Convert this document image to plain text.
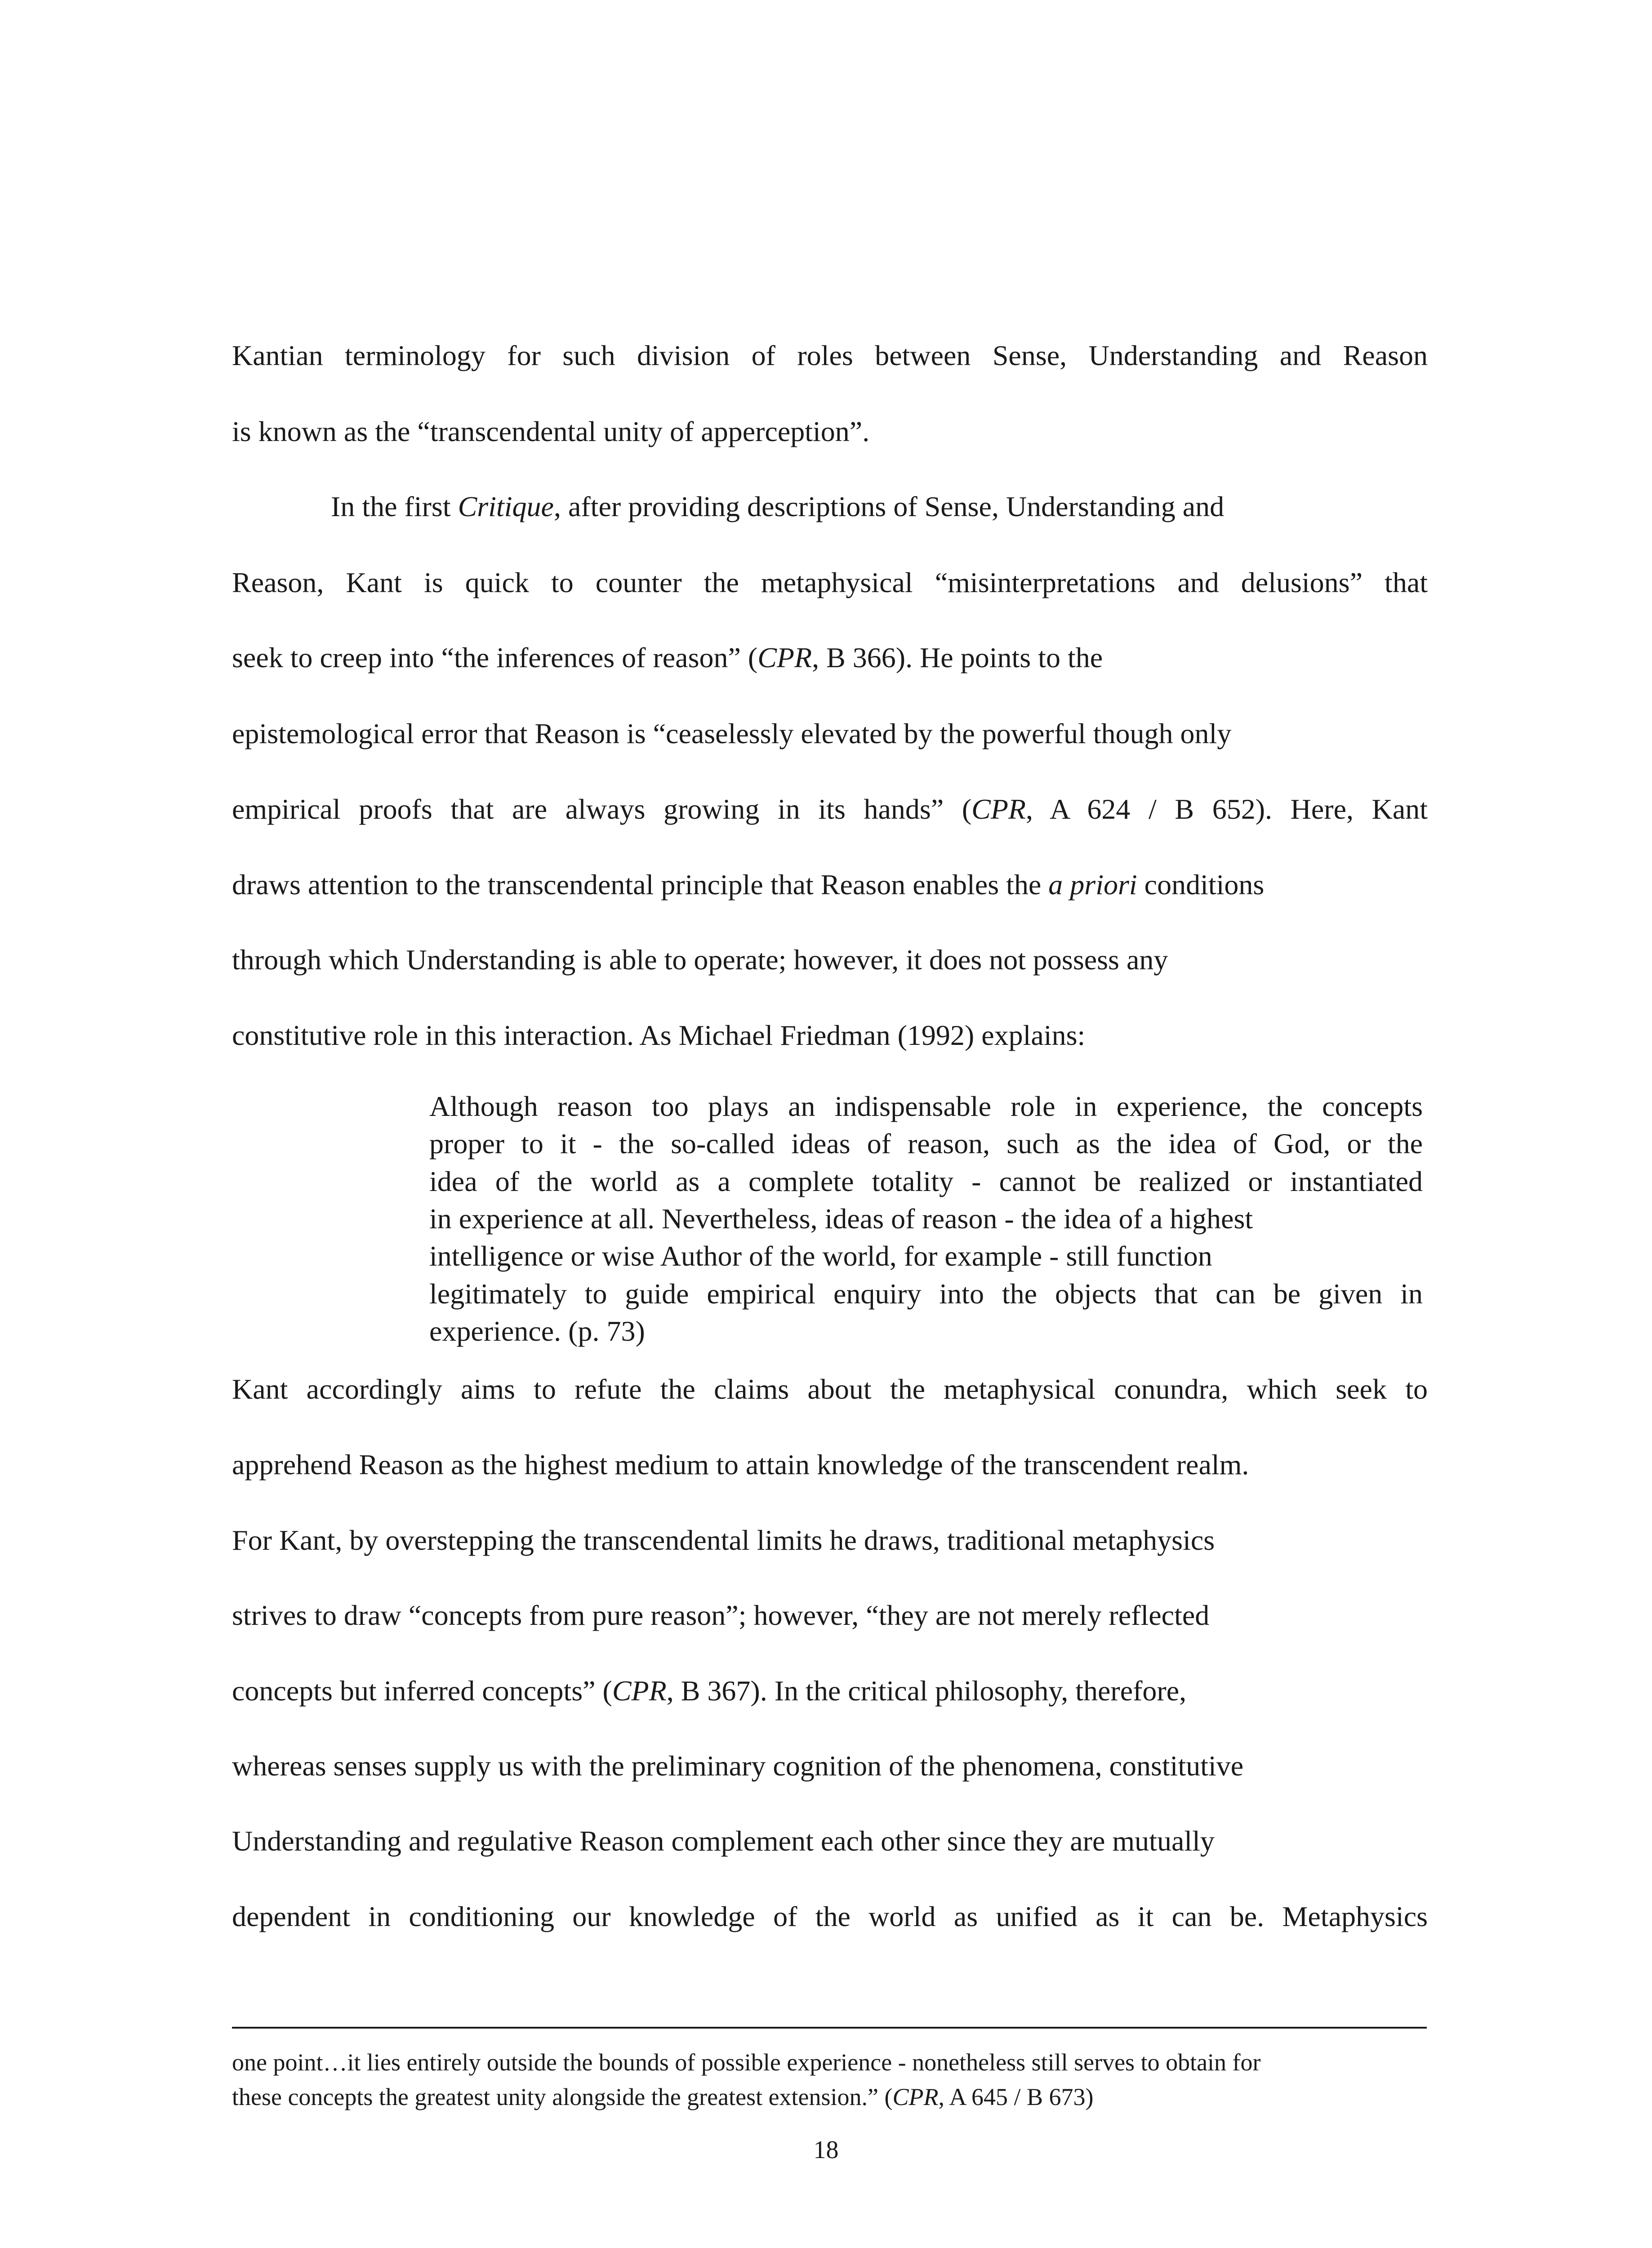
Kantian terminology for such division of roles between Sense, Understanding and Reason
is known as the “transcendental unity of apperception”.
In the first Critique, after providing descriptions of Sense, Understanding and
Reason, Kant is quick to counter the metaphysical “misinterpretations and delusions” that
seek to creep into “the inferences of reason” (CPR, B 366). He points to the
epistemological error that Reason is “ceaselessly elevated by the powerful though only
empirical proofs that are always growing in its hands” (CPR, A 624 / B 652). Here, Kant
draws attention to the transcendental principle that Reason enables the a priori conditions
through which Understanding is able to operate; however, it does not possess any
constitutive role in this interaction. As Michael Friedman (1992) explains:
Although reason too plays an indispensable role in experience, the concepts
proper to it - the so-called ideas of reason, such as the idea of God, or the
idea of the world as a complete totality - cannot be realized or instantiated
in experience at all. Nevertheless, ideas of reason - the idea of a highest
intelligence or wise Author of the world, for example - still function
legitimately to guide empirical enquiry into the objects that can be given in
experience. (p. 73)
Kant accordingly aims to refute the claims about the metaphysical conundra, which seek to
apprehend Reason as the highest medium to attain knowledge of the transcendent realm.
For Kant, by overstepping the transcendental limits he draws, traditional metaphysics
strives to draw “concepts from pure reason”; however, “they are not merely reflected
concepts but inferred concepts” (CPR, B 367). In the critical philosophy, therefore,
whereas senses supply us with the preliminary cognition of the phenomena, constitutive
Understanding and regulative Reason complement each other since they are mutually
dependent in conditioning our knowledge of the world as unified as it can be. Metaphysics
one point…it lies entirely outside the bounds of possible experience - nonetheless still serves to obtain for
these concepts the greatest unity alongside the greatest extension.” (CPR, A 645 / B 673)
18
